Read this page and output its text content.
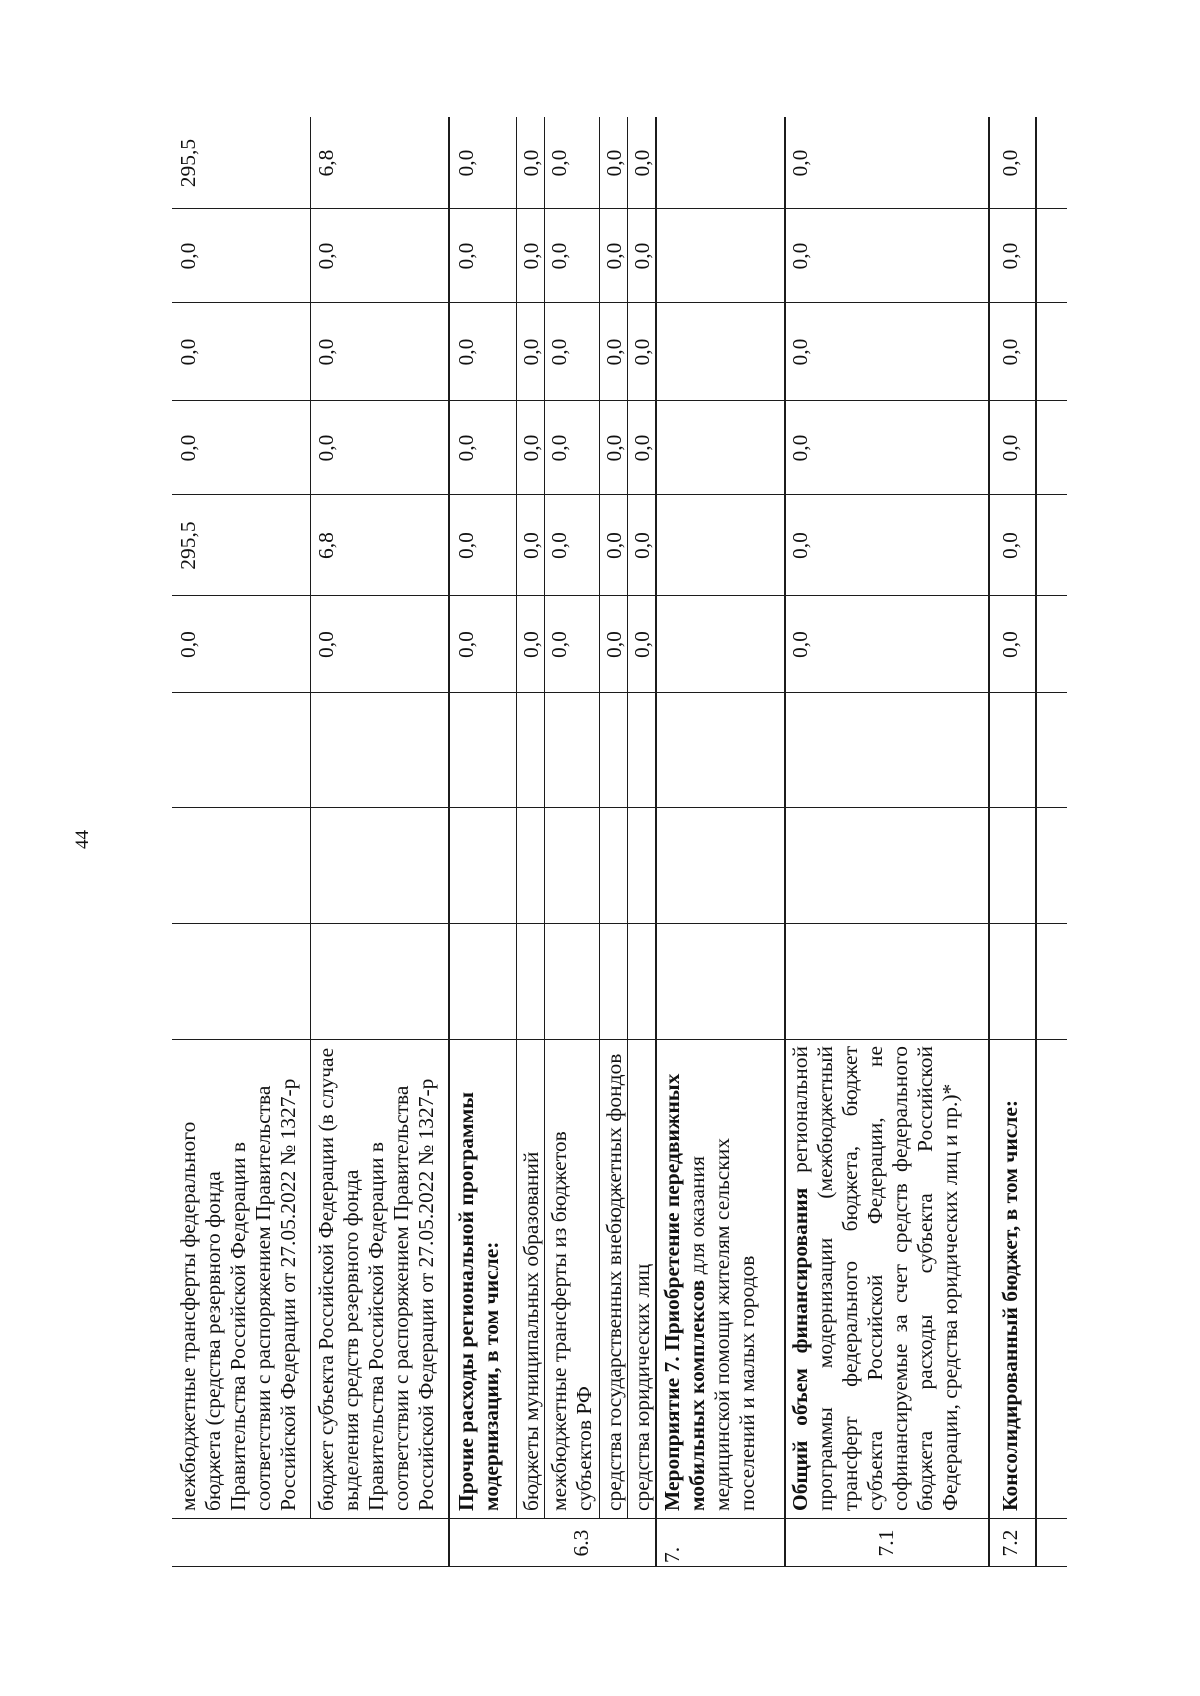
44
межбюджетные трансферты федерального бюджета (средства резервного фонда Правительства Российской Федерации в соответствии с распоряжением Правительства Российской Федерации от 27.05.2022 № 1327-р
0,0
295,5
0,0
0,0
0,0
295,5
бюджет субъекта Российской Федерации (в случае выделения средств резервного фонда Правительства Российской Федерации в соответствии с распоряжением Правительства Российской Федерации от 27.05.2022 № 1327-р
0,0
6,8
0,0
0,0
0,0
6,8
Прочие расходы региональной программы модернизации, в том числе:
0,0
0,0
0,0
0,0
0,0
0,0
6.3
бюджеты муниципальных образований
0,0
0,0
0,0
0,0
0,0
0,0
межбюджетные трансферты из бюджетов субъектов РФ
0,0
0,0
0,0
0,0
0,0
0,0
средства государственных внебюджетных фондов
0,0
0,0
0,0
0,0
0,0
0,0
средства юридических лиц
0,0
0,0
0,0
0,0
0,0
0,0
7.
Мероприятие 7. Приобретение передвижных мобильных комплексов для оказания медицинской помощи жителям сельских поселений и малых городов
7.1
Общий объем финансирования региональной программы модернизации (межбюджетный трансферт федерального бюджета, бюджет субъекта Российской Федерации, не софинансируемые за счет средств федерального бюджета расходы субъекта Российской Федерации, средства юридических лиц и пр.)*
0,0
0,0
0,0
0,0
0,0
0,0
7.2
Консолидированный бюджет, в том числе:
0,0
0,0
0,0
0,0
0,0
0,0
